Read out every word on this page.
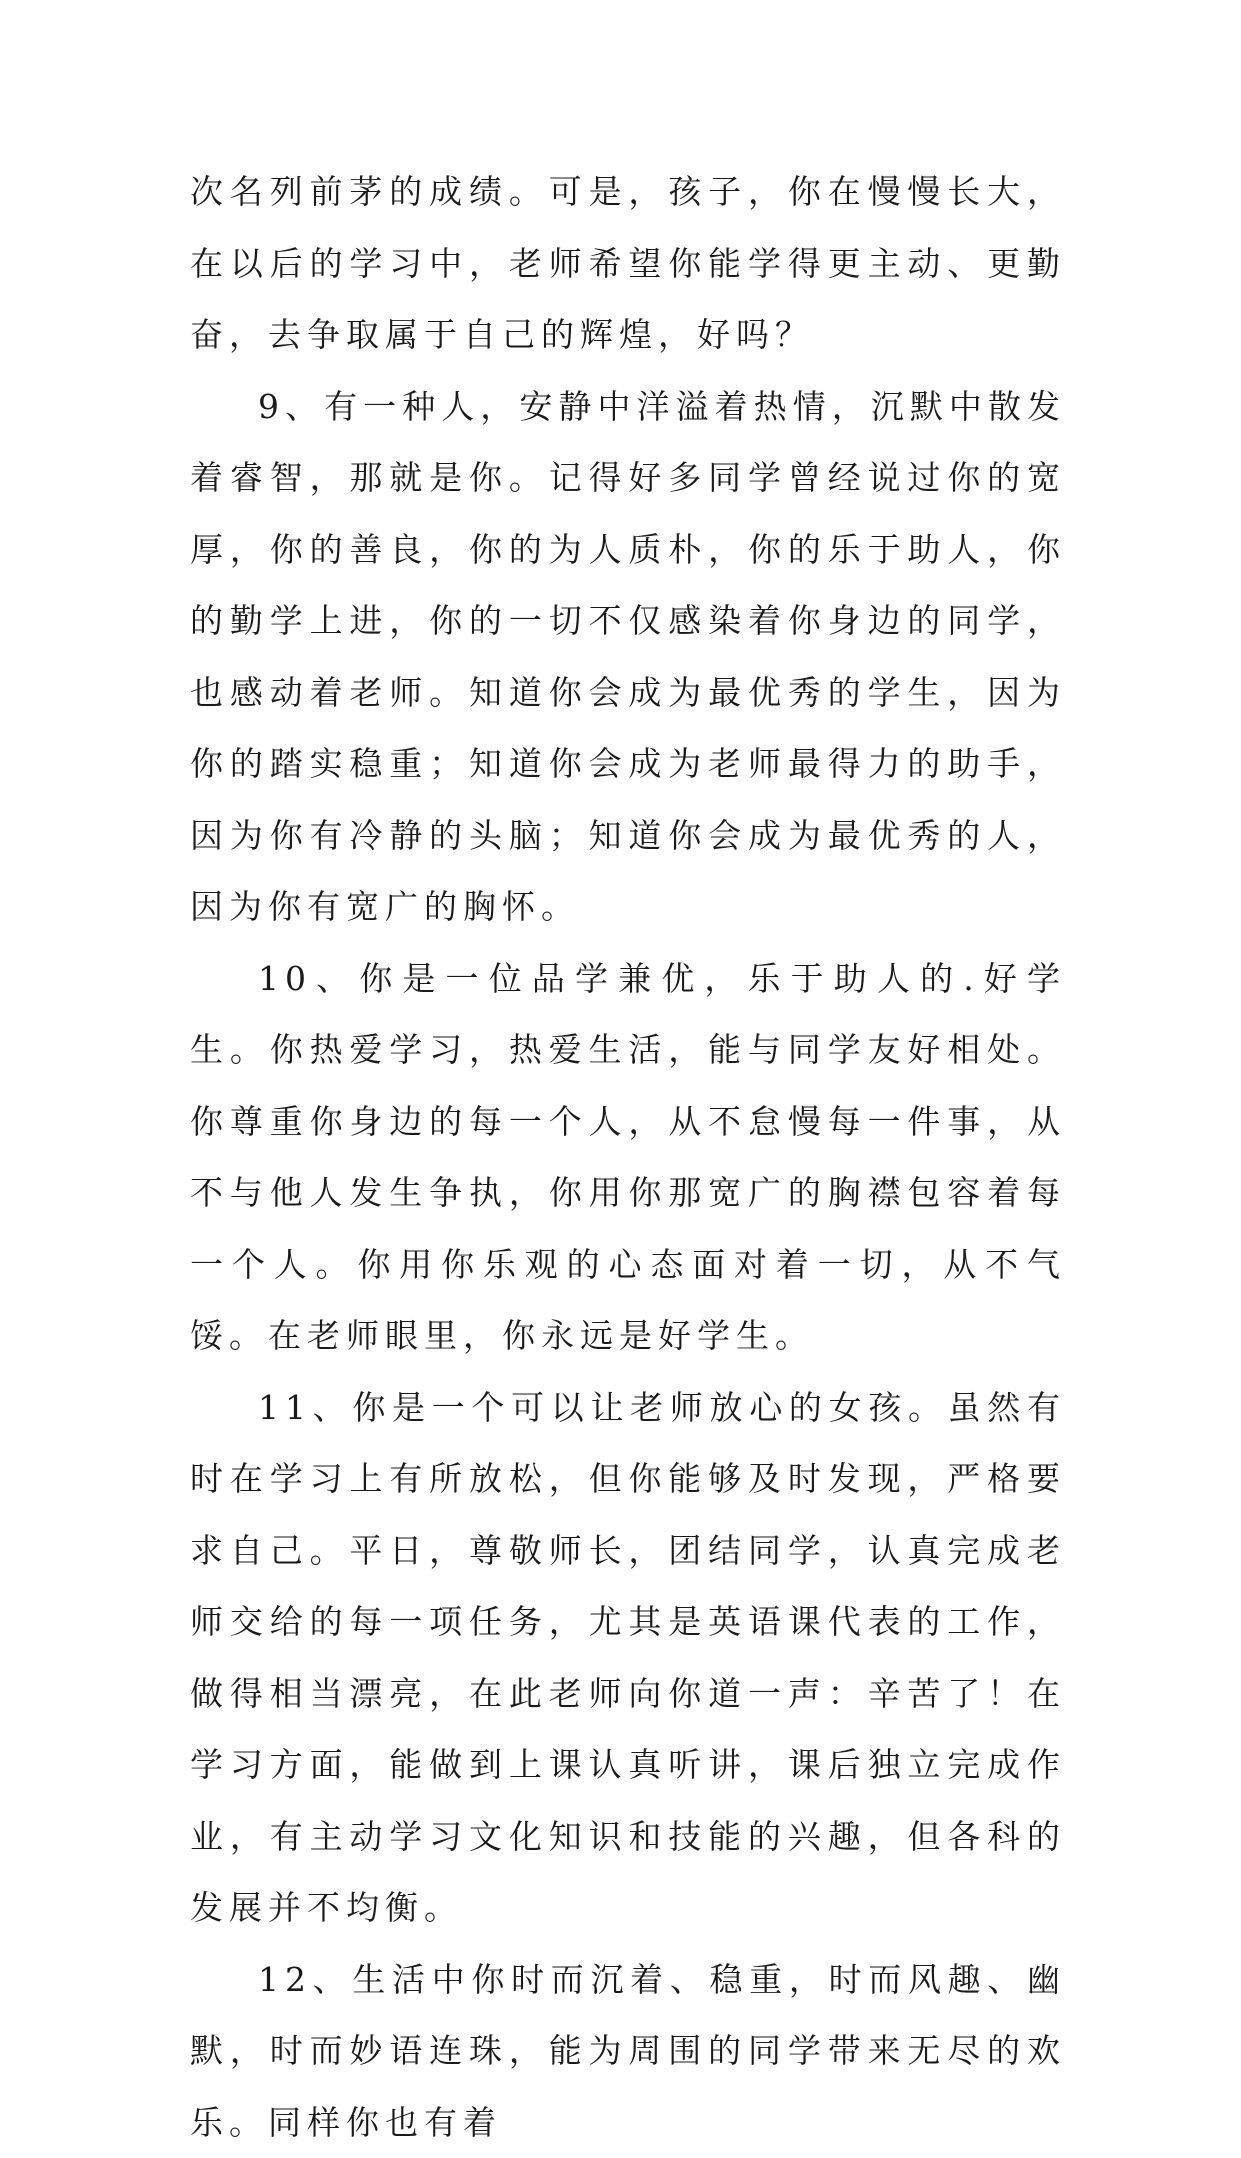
次名列前茅的成绩。可是，孩子，你在慢慢长大，在以后的学习中，老师希望你能学得更主动、更勤奋，去争取属于自己的辉煌，好吗？

9、有一种人，安静中洋溢着热情，沉默中散发着睿智，那就是你。记得好多同学曾经说过你的宽厚，你的善良，你的为人质朴，你的乐于助人，你的勤学上进，你的一切不仅感染着你身边的同学，也感动着老师。知道你会成为最优秀的学生，因为你的踏实稳重；知道你会成为老师最得力的助手，因为你有冷静的头脑；知道你会成为最优秀的人，因为你有宽广的胸怀。

10、你是一位品学兼优，乐于助人的.好学生。你热爱学习，热爱生活，能与同学友好相处。你尊重你身边的每一个人，从不怠慢每一件事，从不与他人发生争执，你用你那宽广的胸襟包容着每一个人。你用你乐观的心态面对着一切，从不气馁。在老师眼里，你永远是好学生。

11、你是一个可以让老师放心的女孩。虽然有时在学习上有所放松，但你能够及时发现，严格要求自己。平日，尊敬师长，团结同学，认真完成老师交给的每一项任务，尤其是英语课代表的工作，做得相当漂亮，在此老师向你道一声：辛苦了！在学习方面，能做到上课认真听讲，课后独立完成作业，有主动学习文化知识和技能的兴趣，但各科的发展并不均衡。

12、生活中你时而沉着、稳重，时而风趣、幽默，时而妙语连珠，能为周围的同学带来无尽的欢乐。同样你也有着
